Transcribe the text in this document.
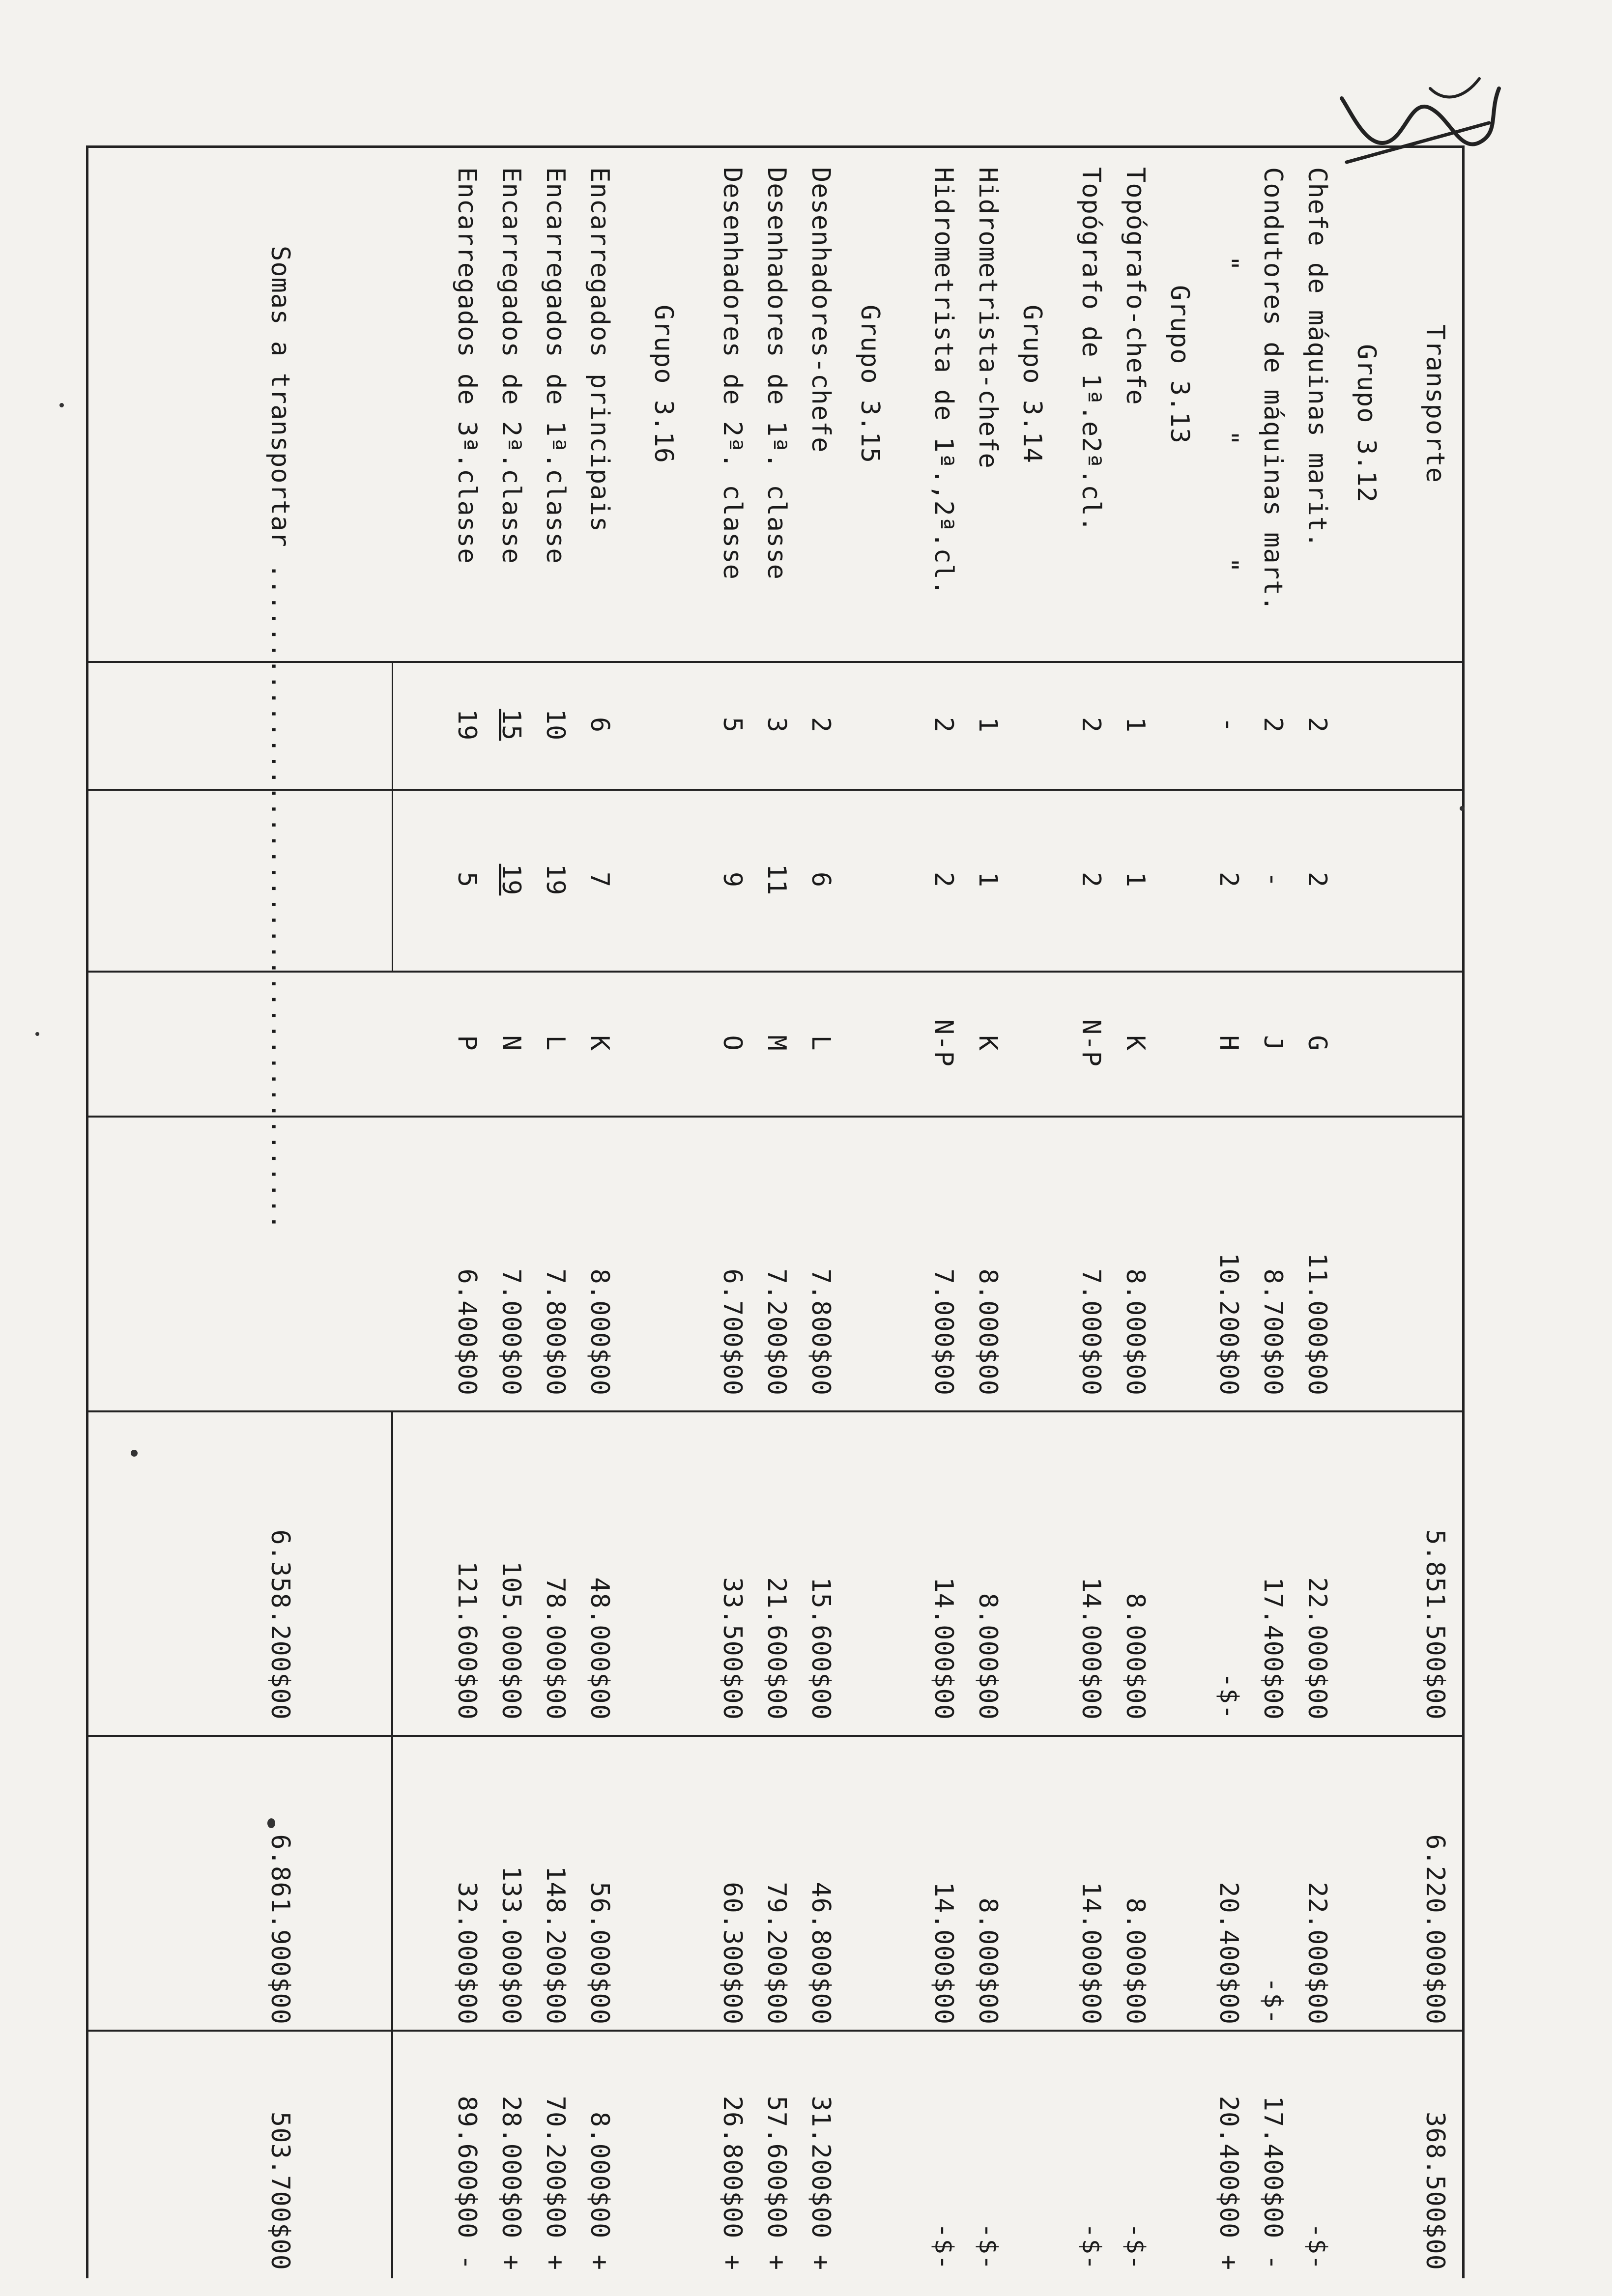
Transporte
5.851.500$00
6.220.000$00
368.500$00
Grupo 3.12
Chefe de máquinas marit.
2
2
G
11.000$00
22.000$00
22.000$00
-$-
Condutores de máquinas mart.
2
-
J
8.700$00
17.400$00
-$-
17.400$00 -
"          "       "
-
2
H
10.200$00
-$-
20.400$00
20.400$00 +
Grupo 3.13
Topógrafo-chefe
1
1
K
8.000$00
8.000$00
8.000$00
-$-
Topógrafo de 1ª.e2ª.cl.
2
2
N-P
7.000$00
14.000$00
14.000$00
-$-
Grupo 3.14
Hidrometrista-chefe
1
1
K
8.000$00
8.000$00
8.000$00
-$-
Hidrometrista de 1ª.,2ª.cl.
2
2
N-P
7.000$00
14.000$00
14.000$00
-$-
Grupo 3.15
Desenhadores-chefe
2
6
L
7.800$00
15.600$00
46.800$00
31.200$00 +
Desenhadores de 1ª. classe
3
11
M
7.200$00
21.600$00
79.200$00
57.600$00 +
Desenhadores de 2ª. classe
5
9
O
6.700$00
33.500$00
60.300$00
26.800$00 +
Grupo 3.16
Encarregados principais
6
7
K
8.000$00
48.000$00
56.000$00
8.000$00 +
Encarregados de 1ª.classe
10
19
L
7.800$00
78.000$00
148.200$00
70.200$00 +
Encarregados de 2ª.classe
15
19
N
7.000$00
105.000$00
133.000$00
28.000$00 +
Encarregados de 3ª.classe
19
5
P
6.400$00
121.600$00
32.000$00
89.600$00 -
Somas a transportar ..........................................
6.358.200$00
6.861.900$00
503.700$00
